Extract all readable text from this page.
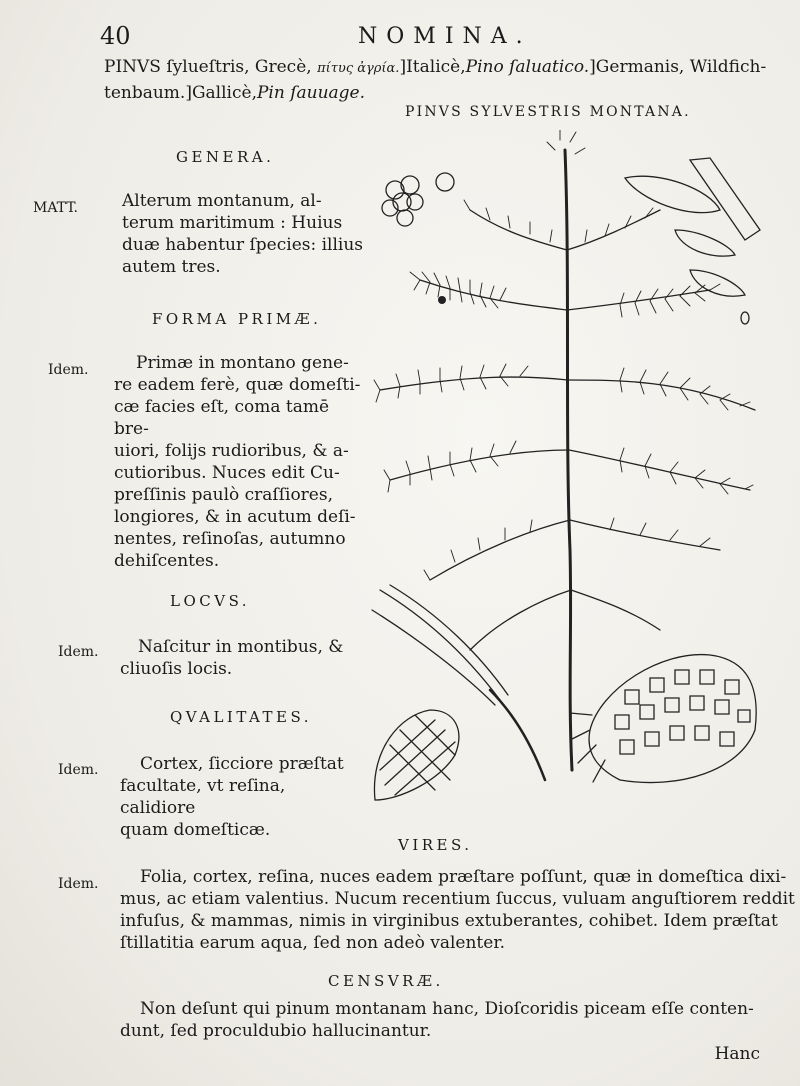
40	NOMINA.
PINVS ſylueſtris, Grecè, πίτυς ἀγρία.]Italicè,Pino ſaluatico.]Germanis, Wildfich-
tenbaum.]Gallicè,Pin ſauuage.
PINVS SYLVESTRIS MONTANA.
GENERA.
MATT.	Alterum montanum, al-
terum maritimum : Huius
duæ habentur ſpecies: illius
autem tres.
FORMA PRIMÆ.
Idem.	Primæ in montano gene-
re eadem ferè, quæ domeſti-
cæ facies eſt, coma tamē bre-
uiori, folijs rudioribus, & a-
cutioribus. Nuces edit Cu-
preſſinis paulò craſſiores,
longiores, & in acutum deſi-
nentes, reſinoſas, autumno
dehiſcentes.
LOCVS.
Idem.	Naſcitur in montibus, &
cliuoſis locis.
QVALITATES.
Idem.	Cortex, ſicciore præſtat
facultate, vt reſina, calidiore
quam domeſticæ.
VIRES.
Idem.	Folia, cortex, reſina, nuces eadem præſtare poſſunt, quæ in domeſtica dixi-
mus, ac etiam valentius. Nucum recentium ſuccus, vuluam anguſtiorem reddit
infuſus, & mammas, nimis in virginibus extuberantes, cohibet. Idem præſtat
ſtillatitia earum aqua, ſed non adeò valenter.
CENSVRÆ.
Non deſunt qui pinum montanam hanc, Dioſcoridis piceam eſſe conten-
dunt, ſed proculdubio hallucinantur.
Hanc
